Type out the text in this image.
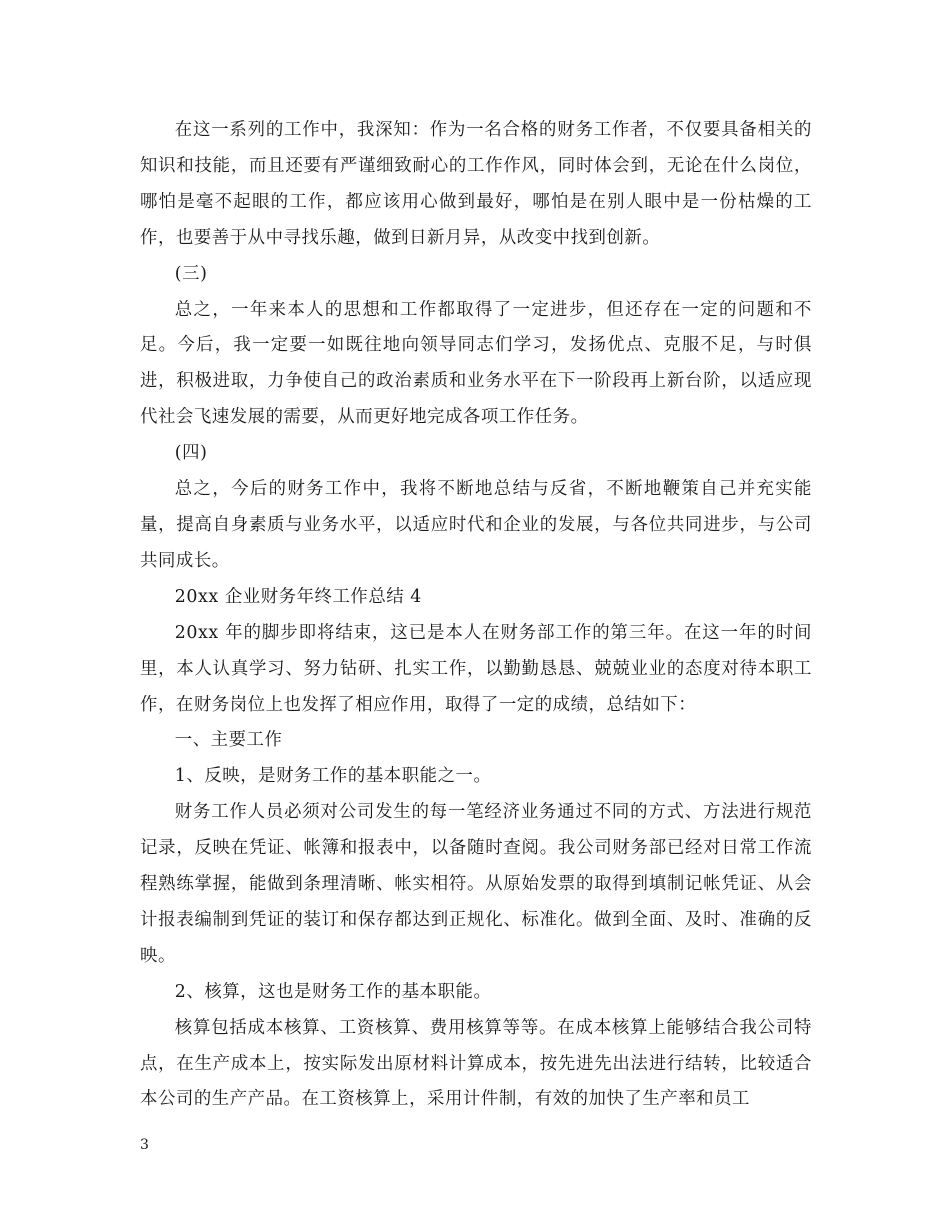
在这一系列的工作中，我深知：作为一名合格的财务工作者，不仅要具备相关的知识和技能，而且还要有严谨细致耐心的工作作风，同时体会到，无论在什么岗位，哪怕是毫不起眼的工作，都应该用心做到最好，哪怕是在别人眼中是一份枯燥的工作，也要善于从中寻找乐趣，做到日新月异，从改变中找到创新。

(三)

总之，一年来本人的思想和工作都取得了一定进步，但还存在一定的问题和不足。今后，我一定要一如既往地向领导同志们学习，发扬优点、克服不足，与时俱进，积极进取，力争使自己的政治素质和业务水平在下一阶段再上新台阶，以适应现代社会飞速发展的需要，从而更好地完成各项工作任务。

(四)

总之，今后的财务工作中，我将不断地总结与反省，不断地鞭策自己并充实能量，提高自身素质与业务水平，以适应时代和企业的发展，与各位共同进步，与公司共同成长。

20xx 企业财务年终工作总结 4

20xx 年的脚步即将结束，这已是本人在财务部工作的第三年。在这一年的时间里，本人认真学习、努力钻研、扎实工作，以勤勤恳恳、兢兢业业的态度对待本职工作，在财务岗位上也发挥了相应作用，取得了一定的成绩，总结如下：

一、主要工作

1、反映，是财务工作的基本职能之一。

财务工作人员必须对公司发生的每一笔经济业务通过不同的方式、方法进行规范记录，反映在凭证、帐簿和报表中，以备随时查阅。我公司财务部已经对日常工作流程熟练掌握，能做到条理清晰、帐实相符。从原始发票的取得到填制记帐凭证、从会计报表编制到凭证的装订和保存都达到正规化、标准化。做到全面、及时、准确的反映。

2、核算，这也是财务工作的基本职能。

核算包括成本核算、工资核算、费用核算等等。在成本核算上能够结合我公司特点，在生产成本上，按实际发出原材料计算成本，按先进先出法进行结转，比较适合本公司的生产产品。在工资核算上，采用计件制，有效的加快了生产率和员工

3
